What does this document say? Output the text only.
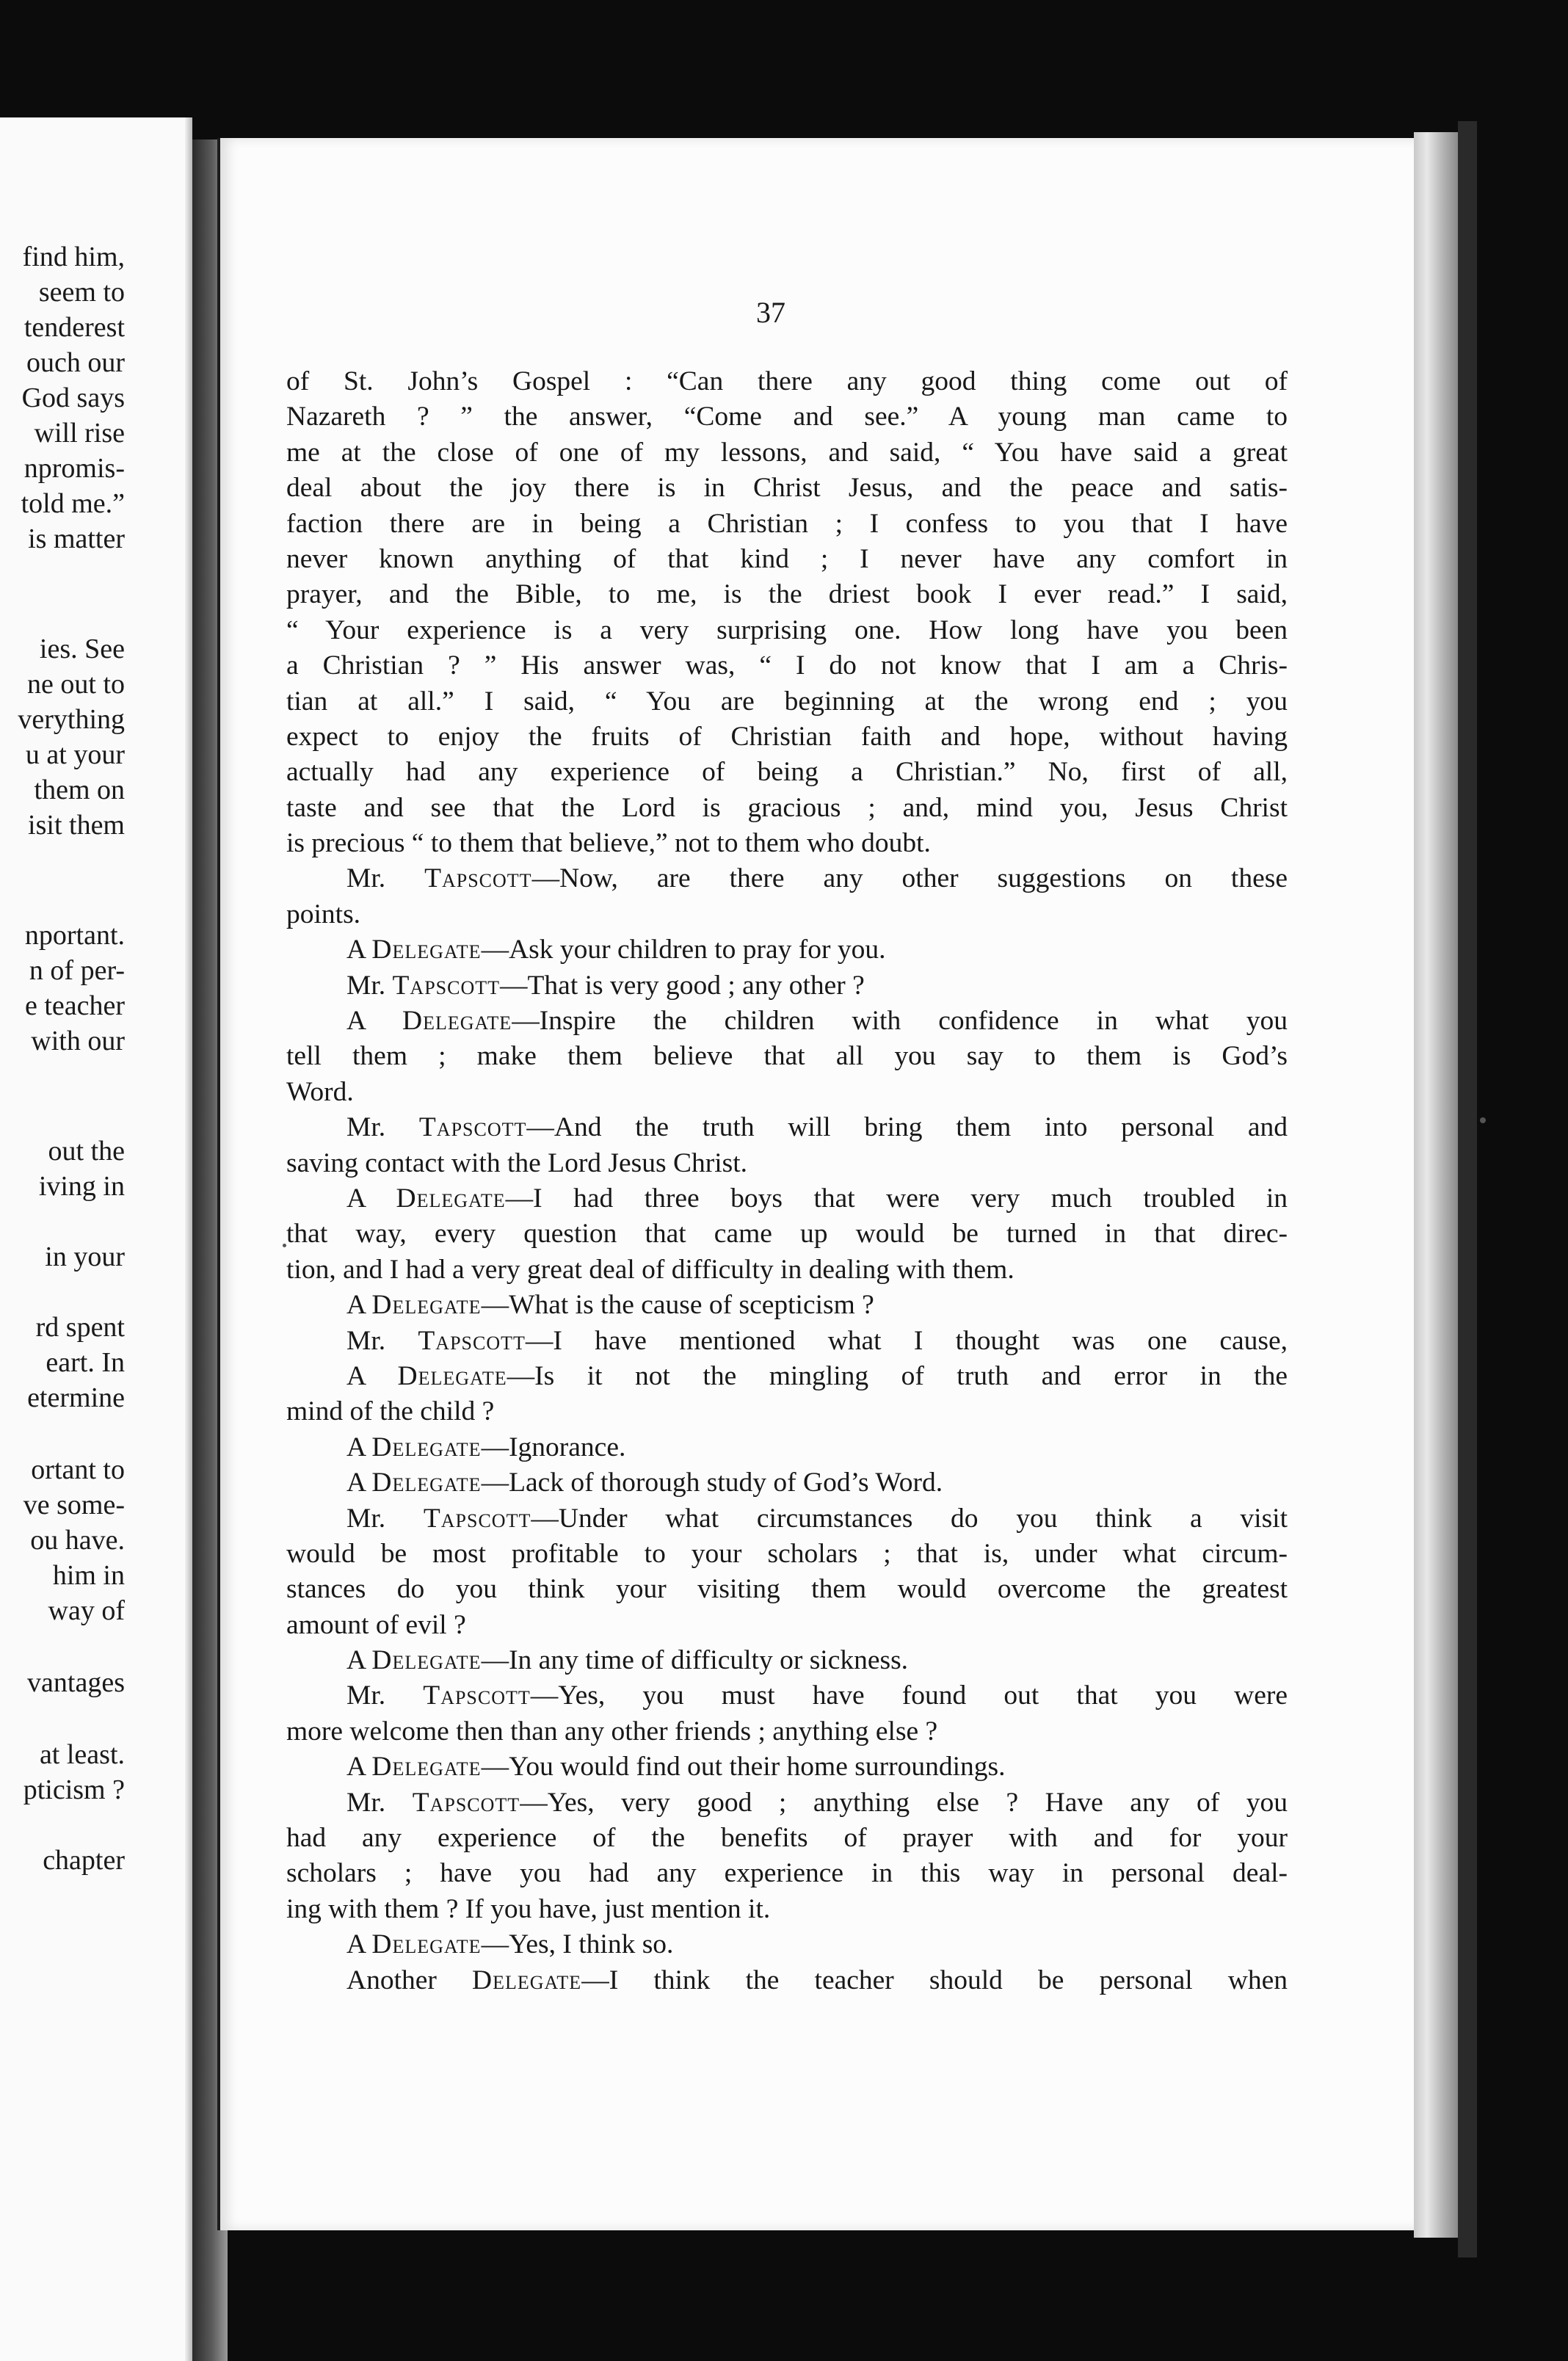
find him,
seem to
tenderest
ouch our
God says
will rise
npromis-
told me.”
is matter
ies. See
ne out to
verything
u at your
them on
isit them
nportant.
n of per-
e teacher
with our
out the
iving in
in your
rd spent
eart. In
etermine
ortant to
ve some-
ou have.
him in
way of
vantages
at least.
pticism ?
chapter
37
of St. John’s Gospel : “Can there any good thing come out of
Nazareth ? ” the answer, “Come and see.” A young man came to
me at the close of one of my lessons, and said, “ You have said a great
deal about the joy there is in Christ Jesus, and the peace and satis-
faction there are in being a Christian ; I confess to you that I have
never known anything of that kind ; I never have any comfort in
prayer, and the Bible, to me, is the driest book I ever read.” I said,
“ Your experience is a very surprising one. How long have you been
a Christian ? ” His answer was, “ I do not know that I am a Chris-
tian at all.” I said, “ You are beginning at the wrong end ; you
expect to enjoy the fruits of Christian faith and hope, without having
actually had any experience of being a Christian.” No, first of all,
taste and see that the Lord is gracious ; and, mind you, Jesus Christ
is precious “ to them that believe,” not to them who doubt.
Mr. Tapscott—Now, are there any other suggestions on these
points.
A Delegate—Ask your children to pray for you.
Mr. Tapscott—That is very good ; any other ?
A Delegate—Inspire the children with confidence in what you
tell them ; make them believe that all you say to them is God’s
Word.
Mr. Tapscott—And the truth will bring them into personal and
saving contact with the Lord Jesus Christ.
A Delegate—I had three boys that were very much troubled in
that way, every question that came up would be turned in that direc-
tion, and I had a very great deal of difficulty in dealing with them.
A Delegate—What is the cause of scepticism ?
Mr. Tapscott—I have mentioned what I thought was one cause,
A Delegate—Is it not the mingling of truth and error in the
mind of the child ?
A Delegate—Ignorance.
A Delegate—Lack of thorough study of God’s Word.
Mr. Tapscott—Under what circumstances do you think a visit
would be most profitable to your scholars ; that is, under what circum-
stances do you think your visiting them would overcome the greatest
amount of evil ?
A Delegate—In any time of difficulty or sickness.
Mr. Tapscott—Yes, you must have found out that you were
more welcome then than any other friends ; anything else ?
A Delegate—You would find out their home surroundings.
Mr. Tapscott—Yes, very good ; anything else ? Have any of you
had any experience of the benefits of prayer with and for your
scholars ; have you had any experience in this way in personal deal-
ing with them ? If you have, just mention it.
A Delegate—Yes, I think so.
Another Delegate—I think the teacher should be personal when
